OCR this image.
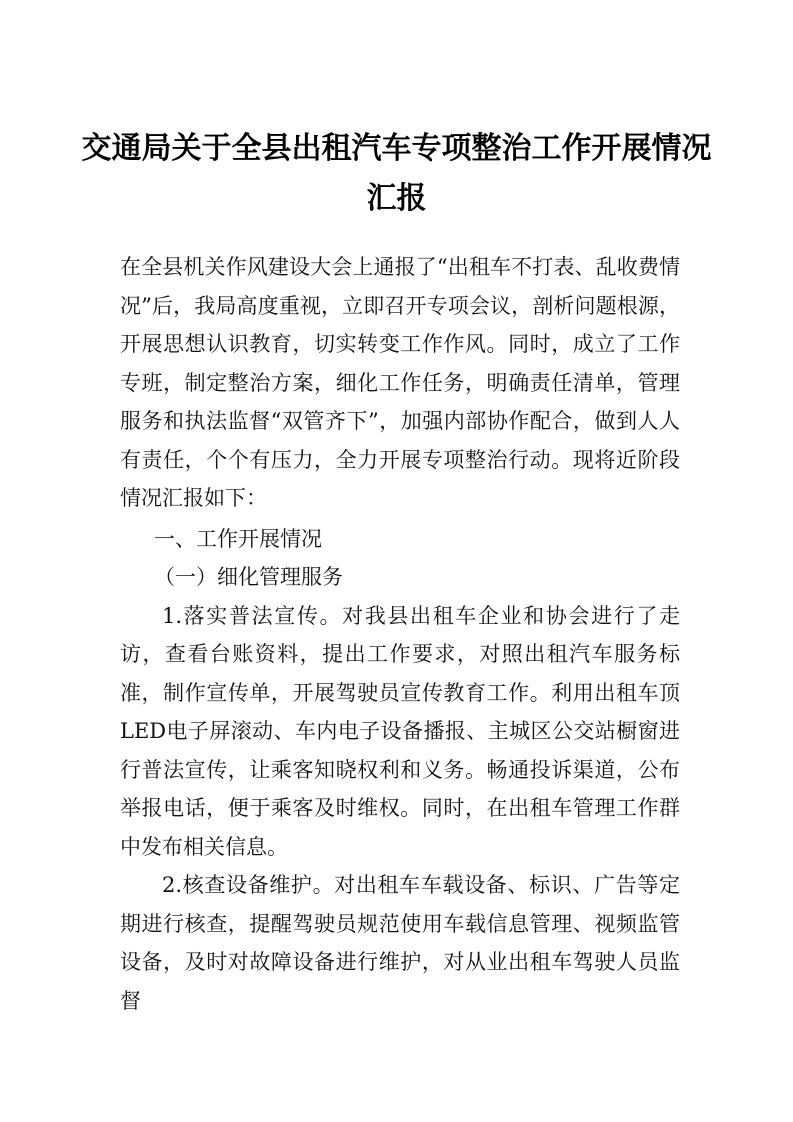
交通局关于全县出租汽车专项整治工作开展情况汇报

在全县机关作风建设大会上通报了“出租车不打表、乱收费情况”后，我局高度重视，立即召开专项会议，剖析问题根源，开展思想认识教育，切实转变工作作风。同时，成立了工作专班，制定整治方案，细化工作任务，明确责任清单，管理服务和执法监督“双管齐下”，加强内部协作配合，做到人人有责任，个个有压力，全力开展专项整治行动。现将近阶段情况汇报如下：

一、工作开展情况

（一）细化管理服务

1.落实普法宣传。对我县出租车企业和协会进行了走访，查看台账资料，提出工作要求，对照出租汽车服务标准，制作宣传单，开展驾驶员宣传教育工作。利用出租车顶LED电子屏滚动、车内电子设备播报、主城区公交站橱窗进行普法宣传，让乘客知晓权利和义务。畅通投诉渠道，公布举报电话，便于乘客及时维权。同时，在出租车管理工作群中发布相关信息。

2.核查设备维护。对出租车车载设备、标识、广告等定期进行核查，提醒驾驶员规范使用车载信息管理、视频监管设备，及时对故障设备进行维护，对从业出租车驾驶人员监督
